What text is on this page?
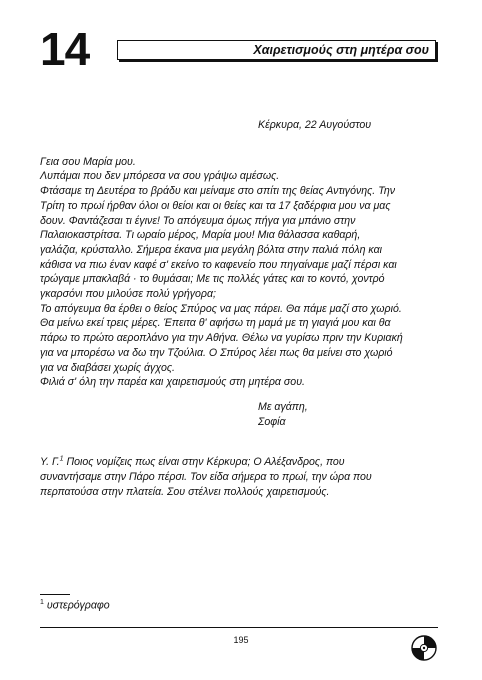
14	Χαιρετισμούς στη μητέρα σου
Κέρκυρα, 22 Αυγούστου
Γεια σου Μαρία μου.
Λυπάμαι που δεν μπόρεσα να σου γράψω αμέσως.
Φτάσαμε τη Δευτέρα το βράδυ και μείναμε στο σπίτι της θείας Αντιγόνης. Την
Τρίτη το πρωί ήρθαν όλοι οι θείοι και οι θείες και τα 17 ξαδέρφια μου να μας
δουν. Φαντάζεσαι τι έγινε! Το απόγευμα όμως πήγα για μπάνιο στην
Παλαιοκαστρίτσα. Τι ωραίο μέρος, Μαρία μου! Μια θάλασσα καθαρή,
γαλάζια, κρύσταλλο. Σήμερα έκανα μια μεγάλη βόλτα στην παλιά πόλη και
κάθισα να πιω έναν καφέ σ' εκείνο το καφενείο που πηγαίναμε μαζί πέρσι και
τρώγαμε μπακλαβά · το θυμάσαι; Με τις πολλές γάτες και το κοντό, χοντρό
γκαρσόνι που μιλούσε πολύ γρήγορα;
Το απόγευμα θα έρθει ο θείος Σπύρος να μας πάρει. Θα πάμε μαζί στο χωριό.
Θα μείνω εκεί τρεις μέρες. Έπειτα θ' αφήσω τη μαμά με τη γιαγιά μου και θα
πάρω το πρώτο αεροπλάνο για την Αθήνα. Θέλω να γυρίσω πριν την Κυριακή
για να μπορέσω να δω την Τζούλια. Ο Σπύρος λέει πως θα μείνει στο χωριό
για να διαβάσει χωρίς άγχος.
Φιλιά σ' όλη την παρέα και χαιρετισμούς στη μητέρα σου.
Με αγάπη,
Σοφία
Υ. Γ.$^1$ Ποιος νομίζεις πως είναι στην Κέρκυρα; Ο Αλέξανδρος, που
συναντήσαμε στην Πάρο πέρσι. Τον είδα σήμερα το πρωί, την ώρα που
περπατούσα στην πλατεία. Σου στέλνει πολλούς χαιρετισμούς.
$^1$ υστερόγραφο
195
